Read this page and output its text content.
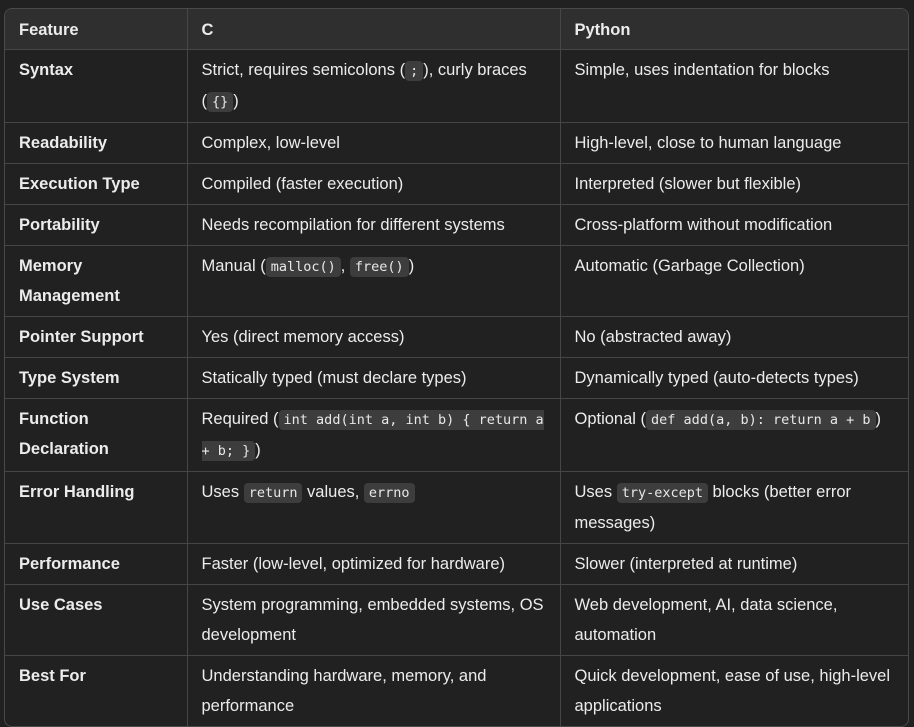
Feature	C	Python
Syntax	Strict, requires semicolons ( ; ), curly braces ( {} )	Simple, uses indentation for blocks
Readability	Complex, low-level	High-level, close to human language
Execution Type	Compiled (faster execution)	Interpreted (slower but flexible)
Portability	Needs recompilation for different systems	Cross-platform without modification
Memory Management	Manual ( malloc() , free() )	Automatic (Garbage Collection)
Pointer Support	Yes (direct memory access)	No (abstracted away)
Type System	Statically typed (must declare types)	Dynamically typed (auto-detects types)
Function Declaration	Required ( int add(int a, int b) { return a + b; } )	Optional ( def add(a, b): return a + b )
Error Handling	Uses return values, errno	Uses try-except blocks (better error messages)
Performance	Faster (low-level, optimized for hardware)	Slower (interpreted at runtime)
Use Cases	System programming, embedded systems, OS development	Web development, AI, data science, automation
Best For	Understanding hardware, memory, and performance	Quick development, ease of use, high-level applications
